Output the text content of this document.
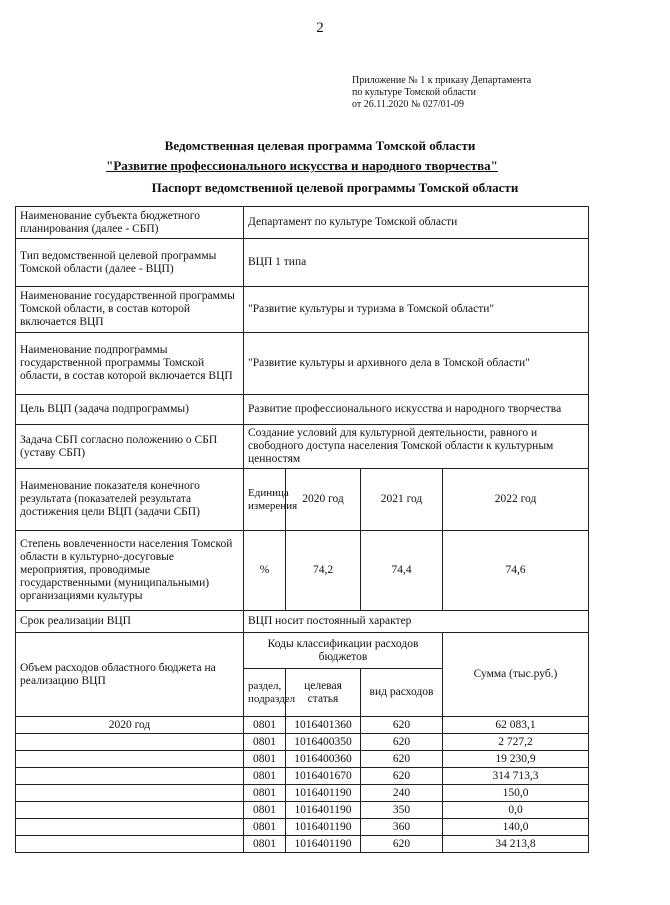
2
Приложение № 1 к приказу Департамента
по культуре Томской области
от 26.11.2020 № 027/01-09
Ведомственная целевая программа Томской области
"Развитие профессионального искусства и народного творчества"
Паспорт ведомственной целевой программы Томской области
Наименование субъекта бюджетного планирования (далее - СБП)	Департамент по культуре Томской области			
Тип ведомственной целевой программы Томской области (далее - ВЦП)	ВЦП 1 типа			
Наименование государственной программы Томской области, в состав которой включается ВЦП	"Развитие культуры и туризма в Томской области"			
Наименование подпрограммы государственной программы Томской области, в состав которой включается ВЦП	"Развитие культуры и архивного дела в Томской области"			
Цель ВЦП (задача подпрограммы)	Развитие профессионального искусства и народного творчества			
Задача СБП согласно положению о СБП (уставу СБП)	Создание условий для культурной деятельности, равного и свободного доступа населения Томской области к культурным ценностям			
Наименование показателя конечного результата (показателей результата достижения цели ВЦП (задачи СБП)	Единица измерения	2020 год	2021 год	2022 год
Степень вовлеченности населения Томской области в культурно-досуговые мероприятия, проводимые государственными (муниципальными) организациями культуры	%	74,2	74,4	74,6
Срок реализации ВЦП	ВЦП носит постоянный характер			
Объем расходов областного бюджета на реализацию ВЦП	Коды классификации расходов бюджетов			Сумма (тыс.руб.)
	раздел, подраздел	целевая статья	вид расходов	
2020 год	0801	1016401360	620	62 083,1
	0801	1016400350	620	2 727,2
	0801	1016400360	620	19 230,9
	0801	1016401670	620	314 713,3
	0801	1016401190	240	150,0
	0801	1016401190	350	0,0
	0801	1016401190	360	140,0
	0801	1016401190	620	34 213,8
